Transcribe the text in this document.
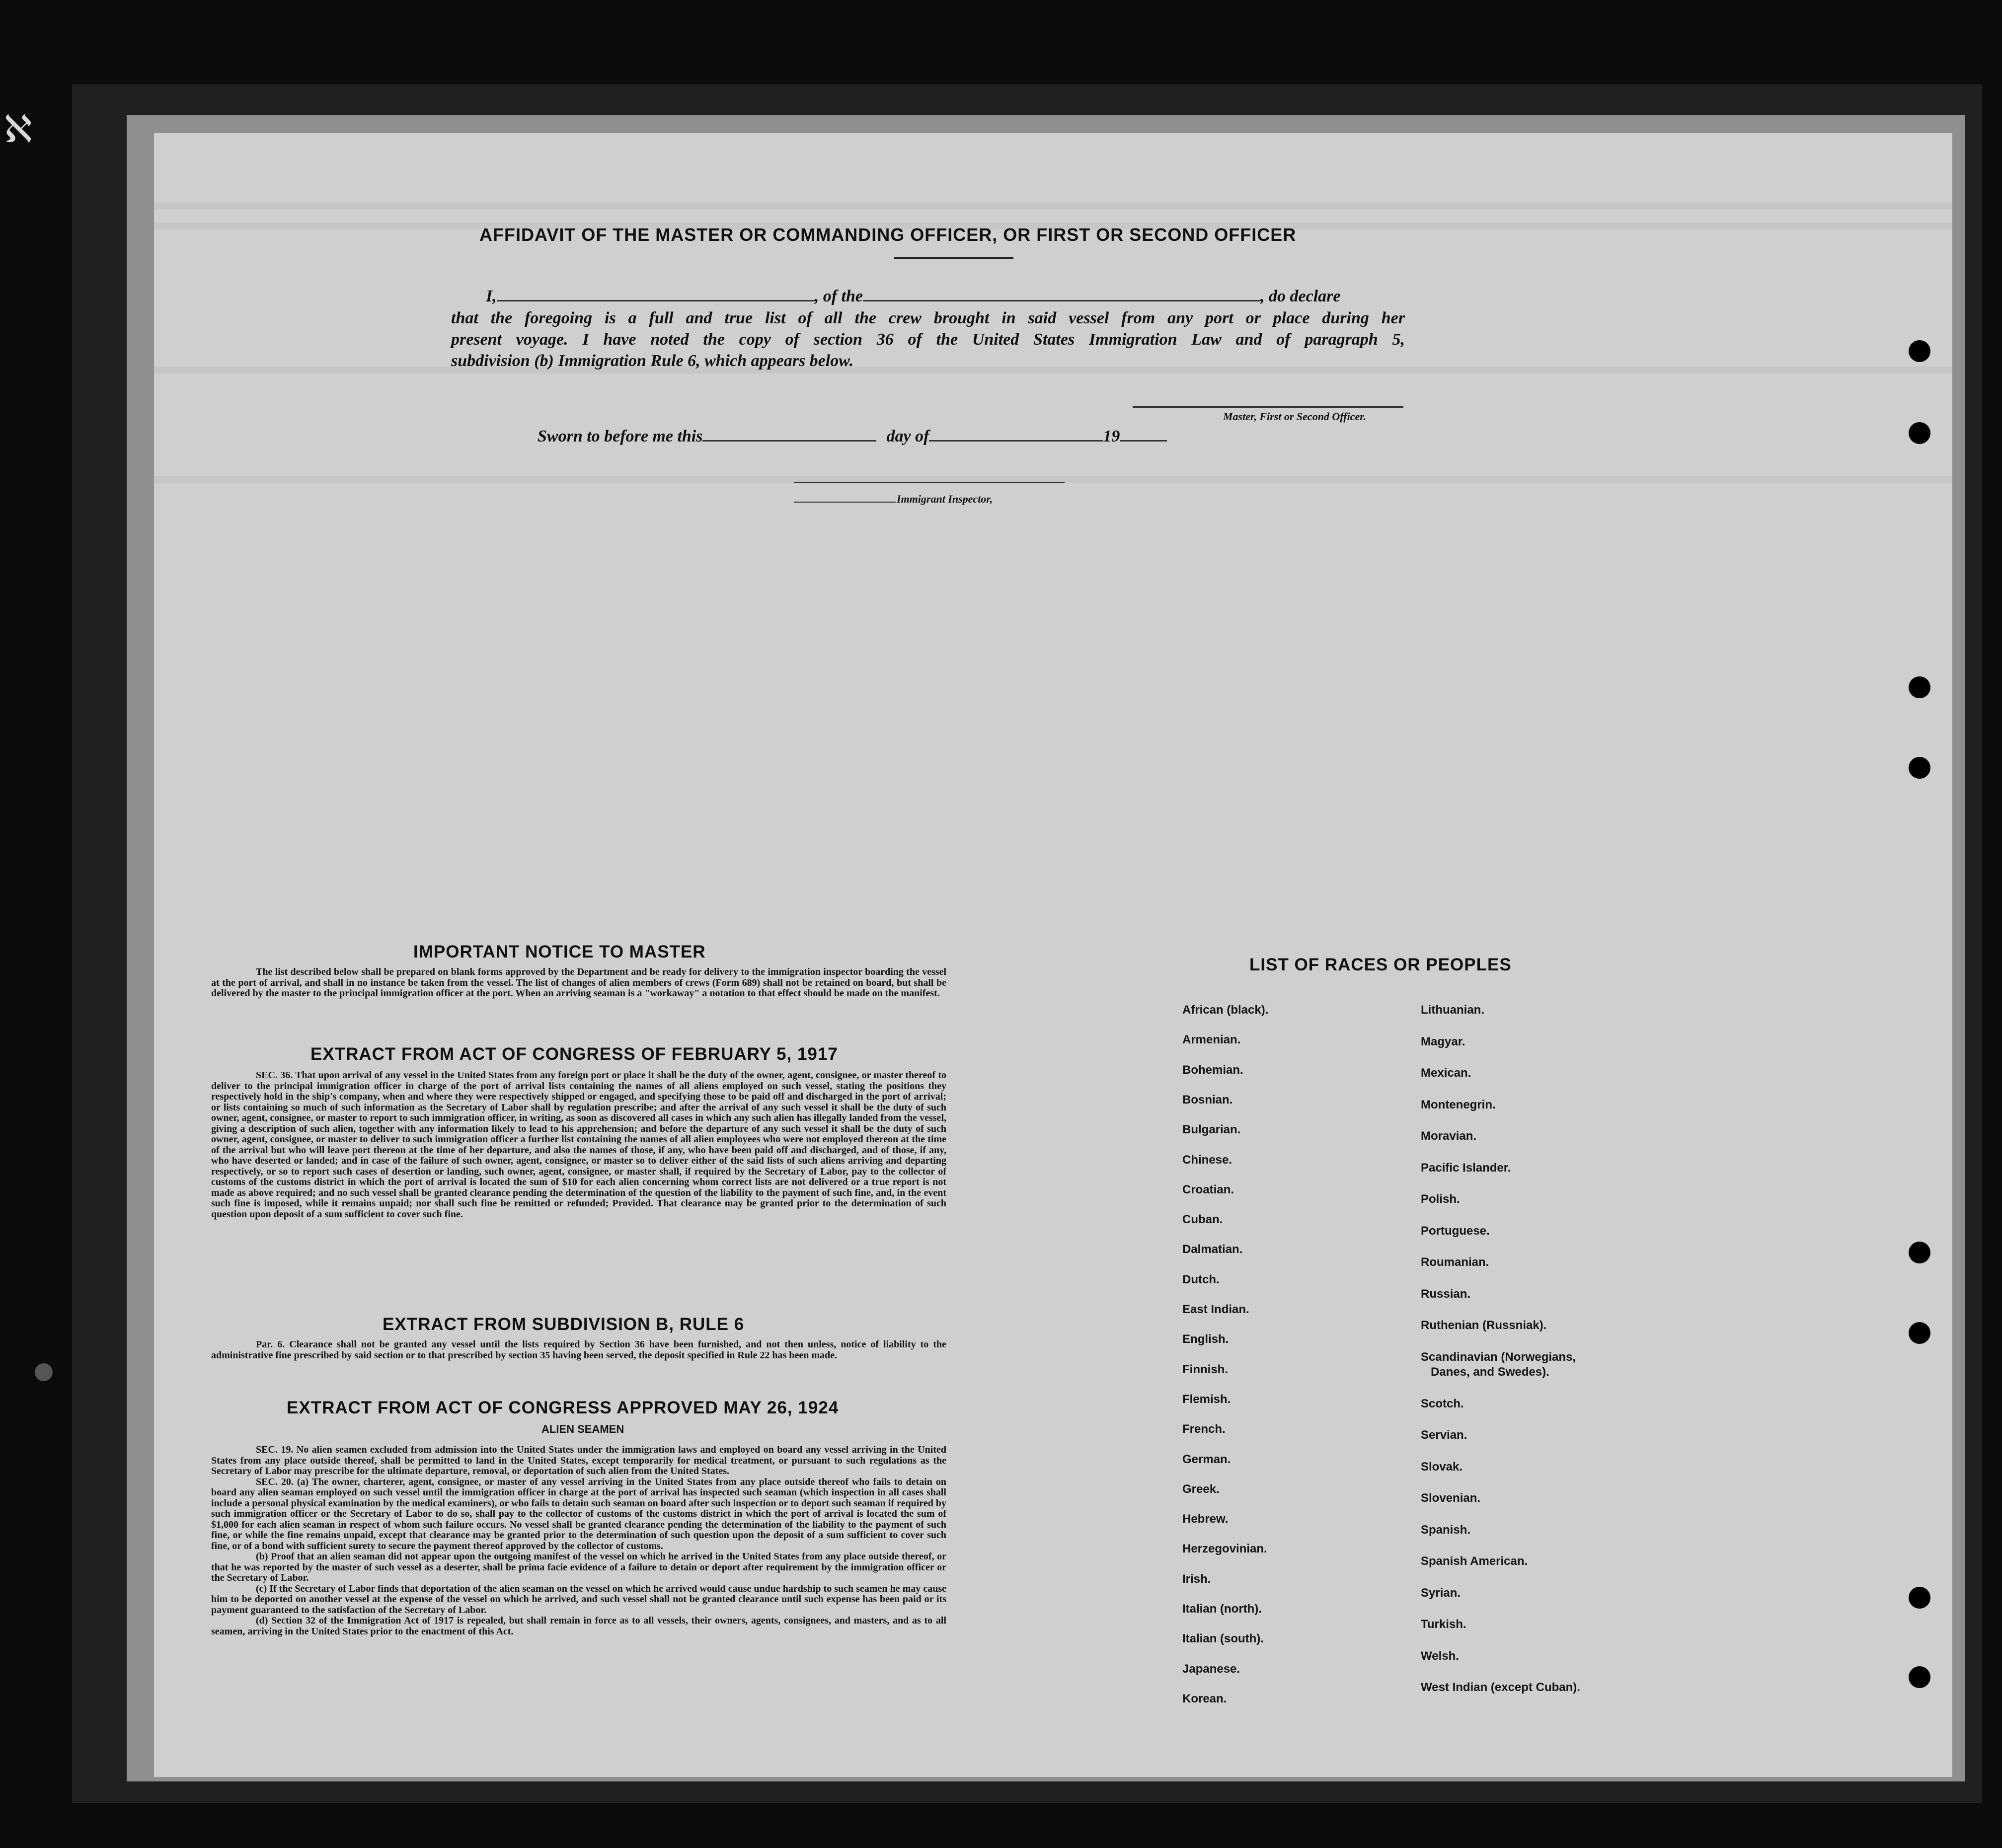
ℵ
AFFIDAVIT OF THE MASTER OR COMMANDING OFFICER, OR FIRST OR SECOND OFFICER
I,	, of the	, do declare
that the foregoing is a full and true list of all the crew brought in said vessel from any port or place during her
present voyage. I have noted the copy of section 36 of the United States Immigration Law and of paragraph 5,
subdivision (b) Immigration Rule 6, which appears below.
Master, First or Second Officer.
Sworn to before me this	day of	19
Immigrant Inspector,
IMPORTANT NOTICE TO MASTER

The list described below shall be prepared on blank forms approved by the Department and be ready for delivery to the immigration inspector boarding the vessel at the port of arrival, and shall in no instance be taken from the vessel. The list of changes of alien members of crews (Form 689) shall not be retained on board, but shall be delivered by the master to the principal immigration officer at the port. When an arriving seaman is a "workaway" a notation to that effect should be made on the manifest.

EXTRACT FROM ACT OF CONGRESS OF FEBRUARY 5, 1917

SEC. 36. That upon arrival of any vessel in the United States from any foreign port or place it shall be the duty of the owner, agent, consignee, or master thereof to deliver to the principal immigration officer in charge of the port of arrival lists containing the names of all aliens employed on such vessel, stating the positions they respectively hold in the ship's company, when and where they were respectively shipped or engaged, and specifying those to be paid off and discharged in the port of arrival; or lists containing so much of such information as the Secretary of Labor shall by regulation prescribe; and after the arrival of any such vessel it shall be the duty of such owner, agent, consignee, or master to report to such immigration officer, in writing, as soon as discovered all cases in which any such alien has illegally landed from the vessel, giving a description of such alien, together with any information likely to lead to his apprehension; and before the departure of any such vessel it shall be the duty of such owner, agent, consignee, or master to deliver to such immigration officer a further list containing the names of all alien employees who were not employed thereon at the time of the arrival but who will leave port thereon at the time of her departure, and also the names of those, if any, who have been paid off and discharged, and of those, if any, who have deserted or landed; and in case of the failure of such owner, agent, consignee, or master so to deliver either of the said lists of such aliens arriving and departing respectively, or so to report such cases of desertion or landing, such owner, agent, consignee, or master shall, if required by the Secretary of Labor, pay to the collector of customs of the customs district in which the port of arrival is located the sum of $10 for each alien concerning whom correct lists are not delivered or a true report is not made as above required; and no such vessel shall be granted clearance pending the determination of the question of the liability to the payment of such fine, and, in the event such fine is imposed, while it remains unpaid; nor shall such fine be remitted or refunded; Provided. That clearance may be granted prior to the determination of such question upon deposit of a sum sufficient to cover such fine.

EXTRACT FROM SUBDIVISION B, RULE 6

Par. 6. Clearance shall not be granted any vessel until the lists required by Section 36 have been furnished, and not then unless, notice of liability to the administrative fine prescribed by said section or to that prescribed by section 35 having been served, the deposit specified in Rule 22 has been made.

EXTRACT FROM ACT OF CONGRESS APPROVED MAY 26, 1924
ALIEN SEAMEN

SEC. 19. No alien seamen excluded from admission into the United States under the immigration laws and employed on board any vessel arriving in the United States from any place outside thereof, shall be permitted to land in the United States, except temporarily for medical treatment, or pursuant to such regulations as the Secretary of Labor may prescribe for the ultimate departure, removal, or deportation of such alien from the United States.

SEC. 20. (a) The owner, charterer, agent, consignee, or master of any vessel arriving in the United States from any place outside thereof who fails to detain on board any alien seaman employed on such vessel until the immigration officer in charge at the port of arrival has inspected such seaman (which inspection in all cases shall include a personal physical examination by the medical examiners), or who fails to detain such seaman on board after such inspection or to deport such seaman if required by such immigration officer or the Secretary of Labor to do so, shall pay to the collector of customs of the customs district in which the port of arrival is located the sum of $1,000 for each alien seaman in respect of whom such failure occurs. No vessel shall be granted clearance pending the determination of the liability to the payment of such fine, or while the fine remains unpaid, except that clearance may be granted prior to the determination of such question upon the deposit of a sum sufficient to cover such fine, or of a bond with sufficient surety to secure the payment thereof approved by the collector of customs.

(b) Proof that an alien seaman did not appear upon the outgoing manifest of the vessel on which he arrived in the United States from any place outside thereof, or that he was reported by the master of such vessel as a deserter, shall be prima facie evidence of a failure to detain or deport after requirement by the immigration officer or the Secretary of Labor.

(c) If the Secretary of Labor finds that deportation of the alien seaman on the vessel on which he arrived would cause undue hardship to such seamen he may cause him to be deported on another vessel at the expense of the vessel on which he arrived, and such vessel shall not be granted clearance until such expense has been paid or its payment guaranteed to the satisfaction of the Secretary of Labor.

(d) Section 32 of the Immigration Act of 1917 is repealed, but shall remain in force as to all vessels, their owners, agents, consignees, and masters, and as to all seamen, arriving in the United States prior to the enactment of this Act.

LIST OF RACES OR PEOPLES
African (black).
Armenian.
Bohemian.
Bosnian.
Bulgarian.
Chinese.
Croatian.
Cuban.
Dalmatian.
Dutch.
East Indian.
English.
Finnish.
Flemish.
French.
German.
Greek.
Hebrew.
Herzegovinian.
Irish.
Italian (north).
Italian (south).
Japanese.
Korean.
Lithuanian.
Magyar.
Mexican.
Montenegrin.
Moravian.
Pacific Islander.
Polish.
Portuguese.
Roumanian.
Russian.
Ruthenian (Russniak).
Scandinavian (Norwegians,
Danes, and Swedes).
Scotch.
Servian.
Slovak.
Slovenian.
Spanish.
Spanish American.
Syrian.
Turkish.
Welsh.
West Indian (except Cuban).
